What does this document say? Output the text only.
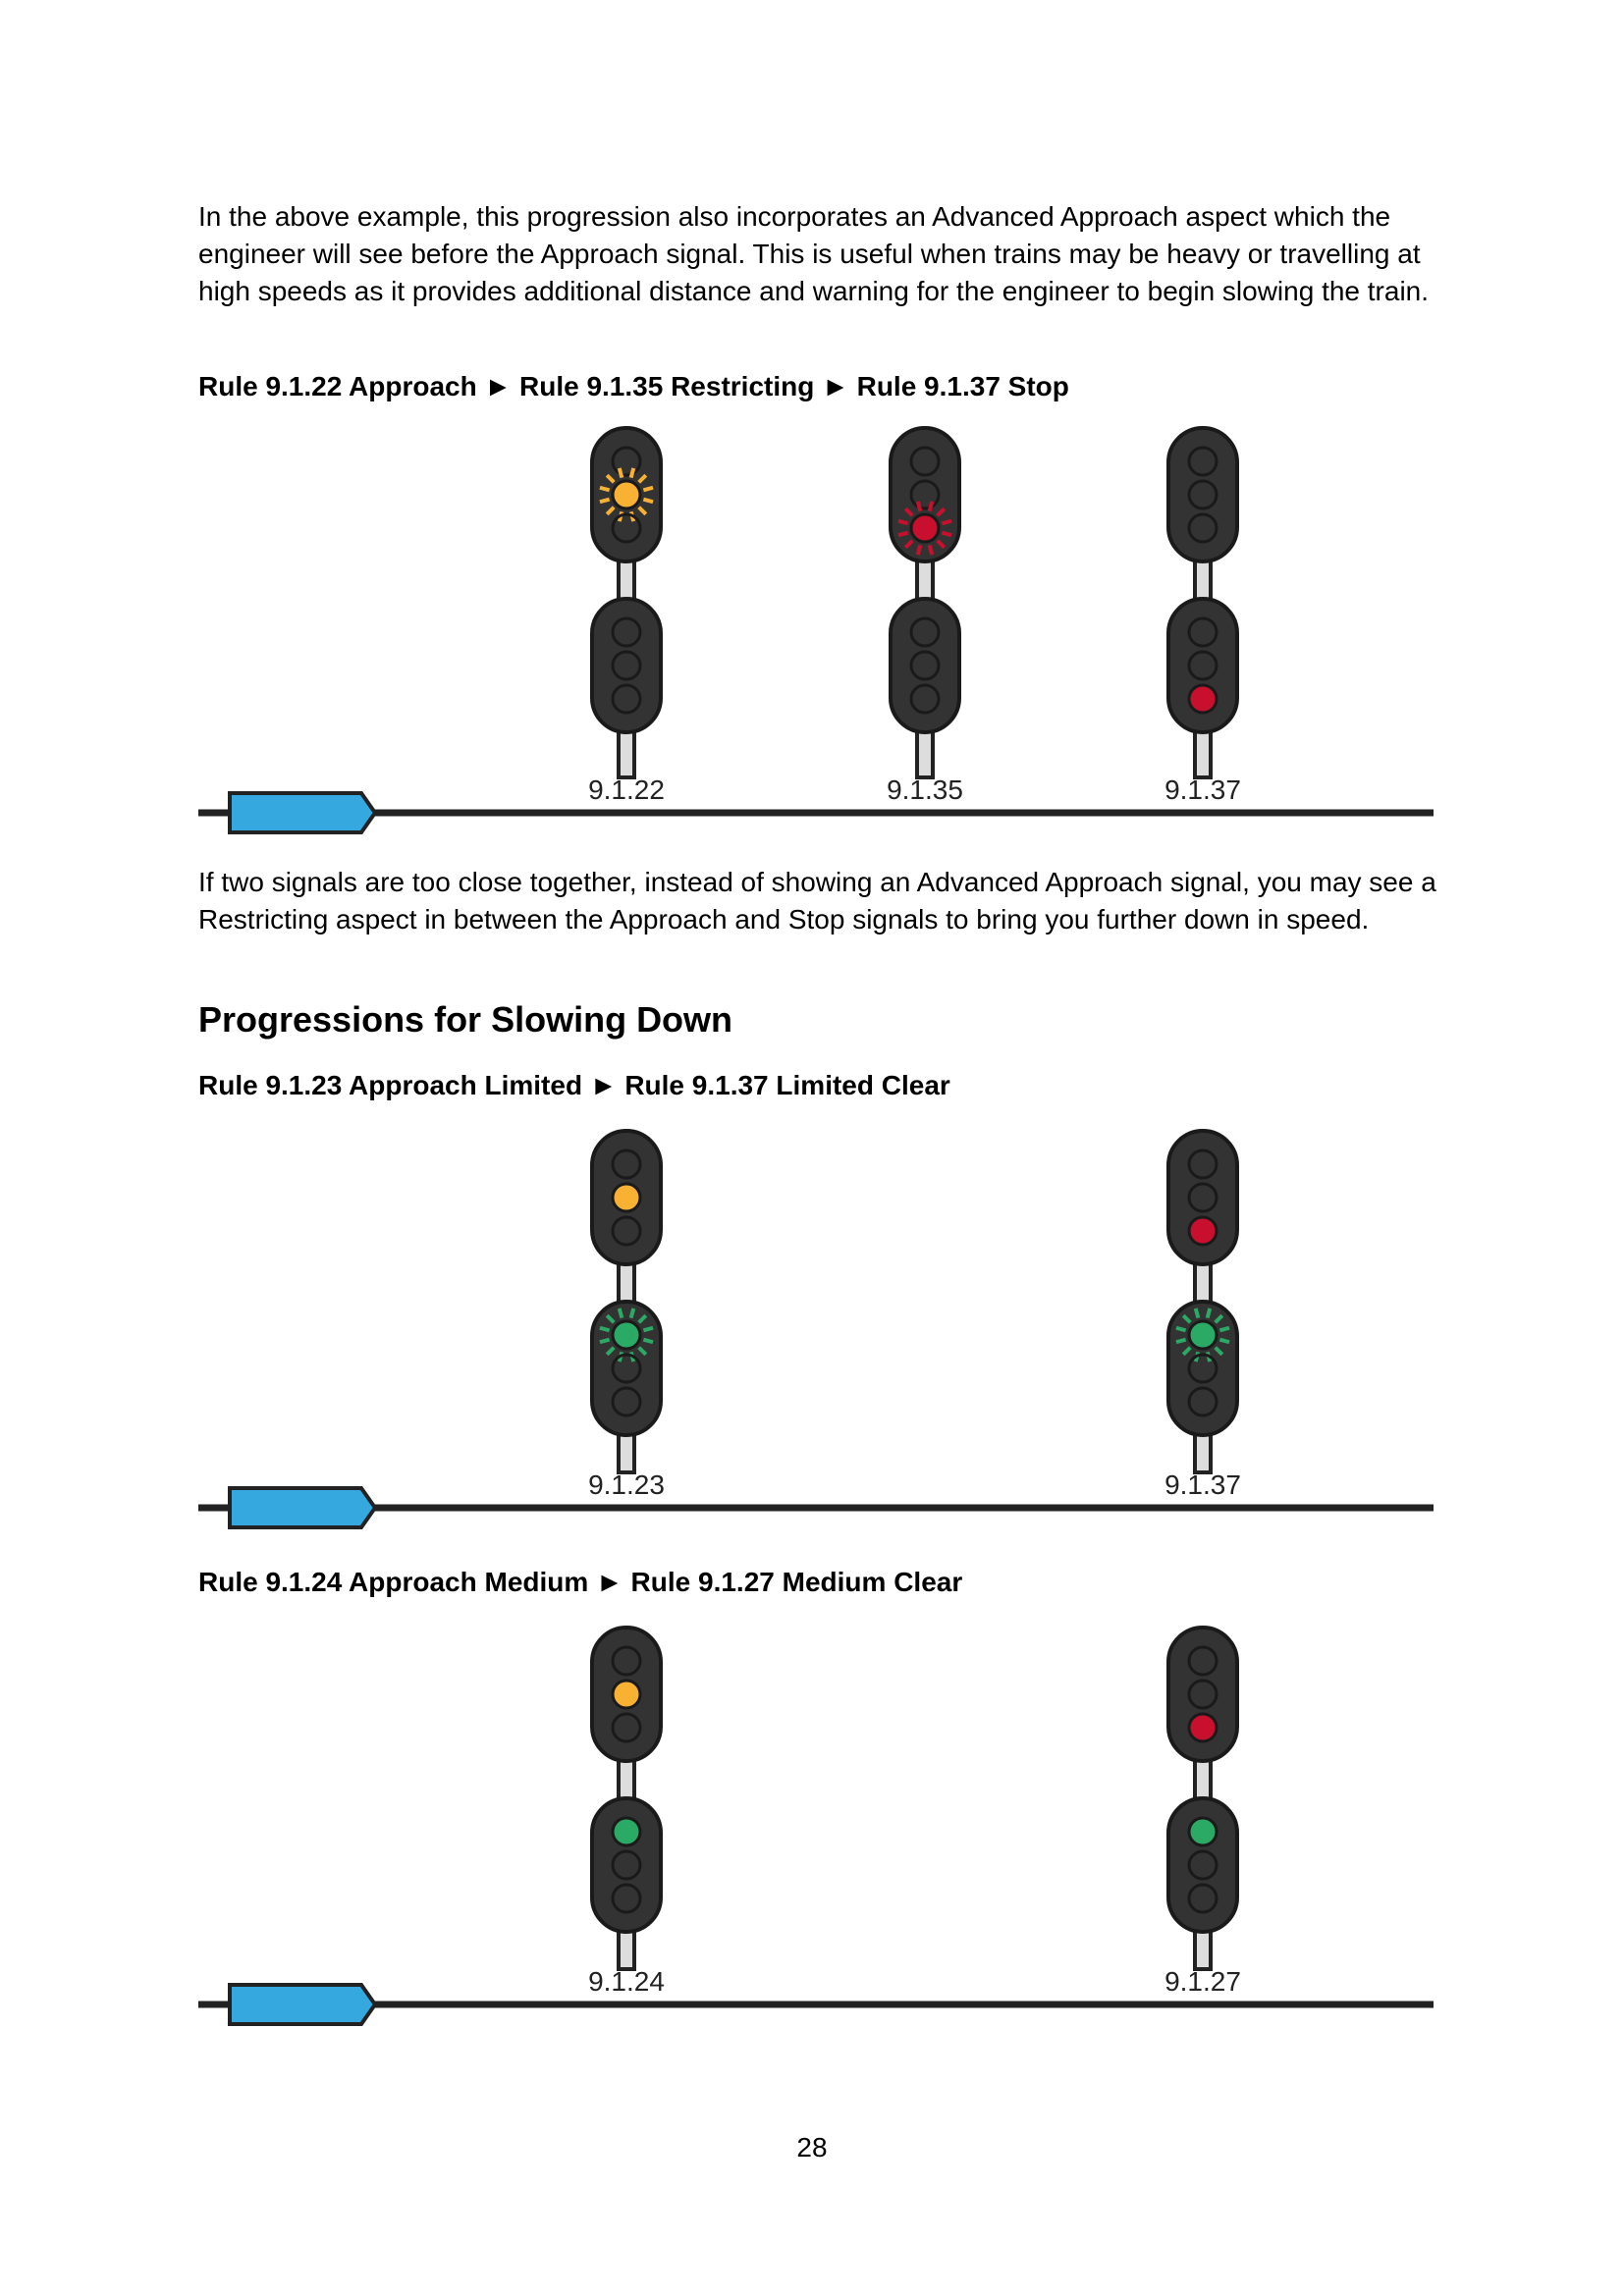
In the above example, this progression also incorporates an Advanced Approach aspect which the engineer will see before the Approach signal. This is useful when trains may be heavy or travelling at high speeds as it provides additional distance and warning for the engineer to begin slowing the train.

Rule 9.1.22 Approach ► Rule 9.1.35 Restricting ► Rule 9.1.37 Stop

9.1.22	9.1.35	9.1.37

If two signals are too close together, instead of showing an Advanced Approach signal, you may see a Restricting aspect in between the Approach and Stop signals to bring you further down in speed.

Progressions for Slowing Down

Rule 9.1.23 Approach Limited ► Rule 9.1.37 Limited Clear

9.1.23	9.1.37

Rule 9.1.24 Approach Medium ► Rule 9.1.27 Medium Clear

9.1.24	9.1.27
28
